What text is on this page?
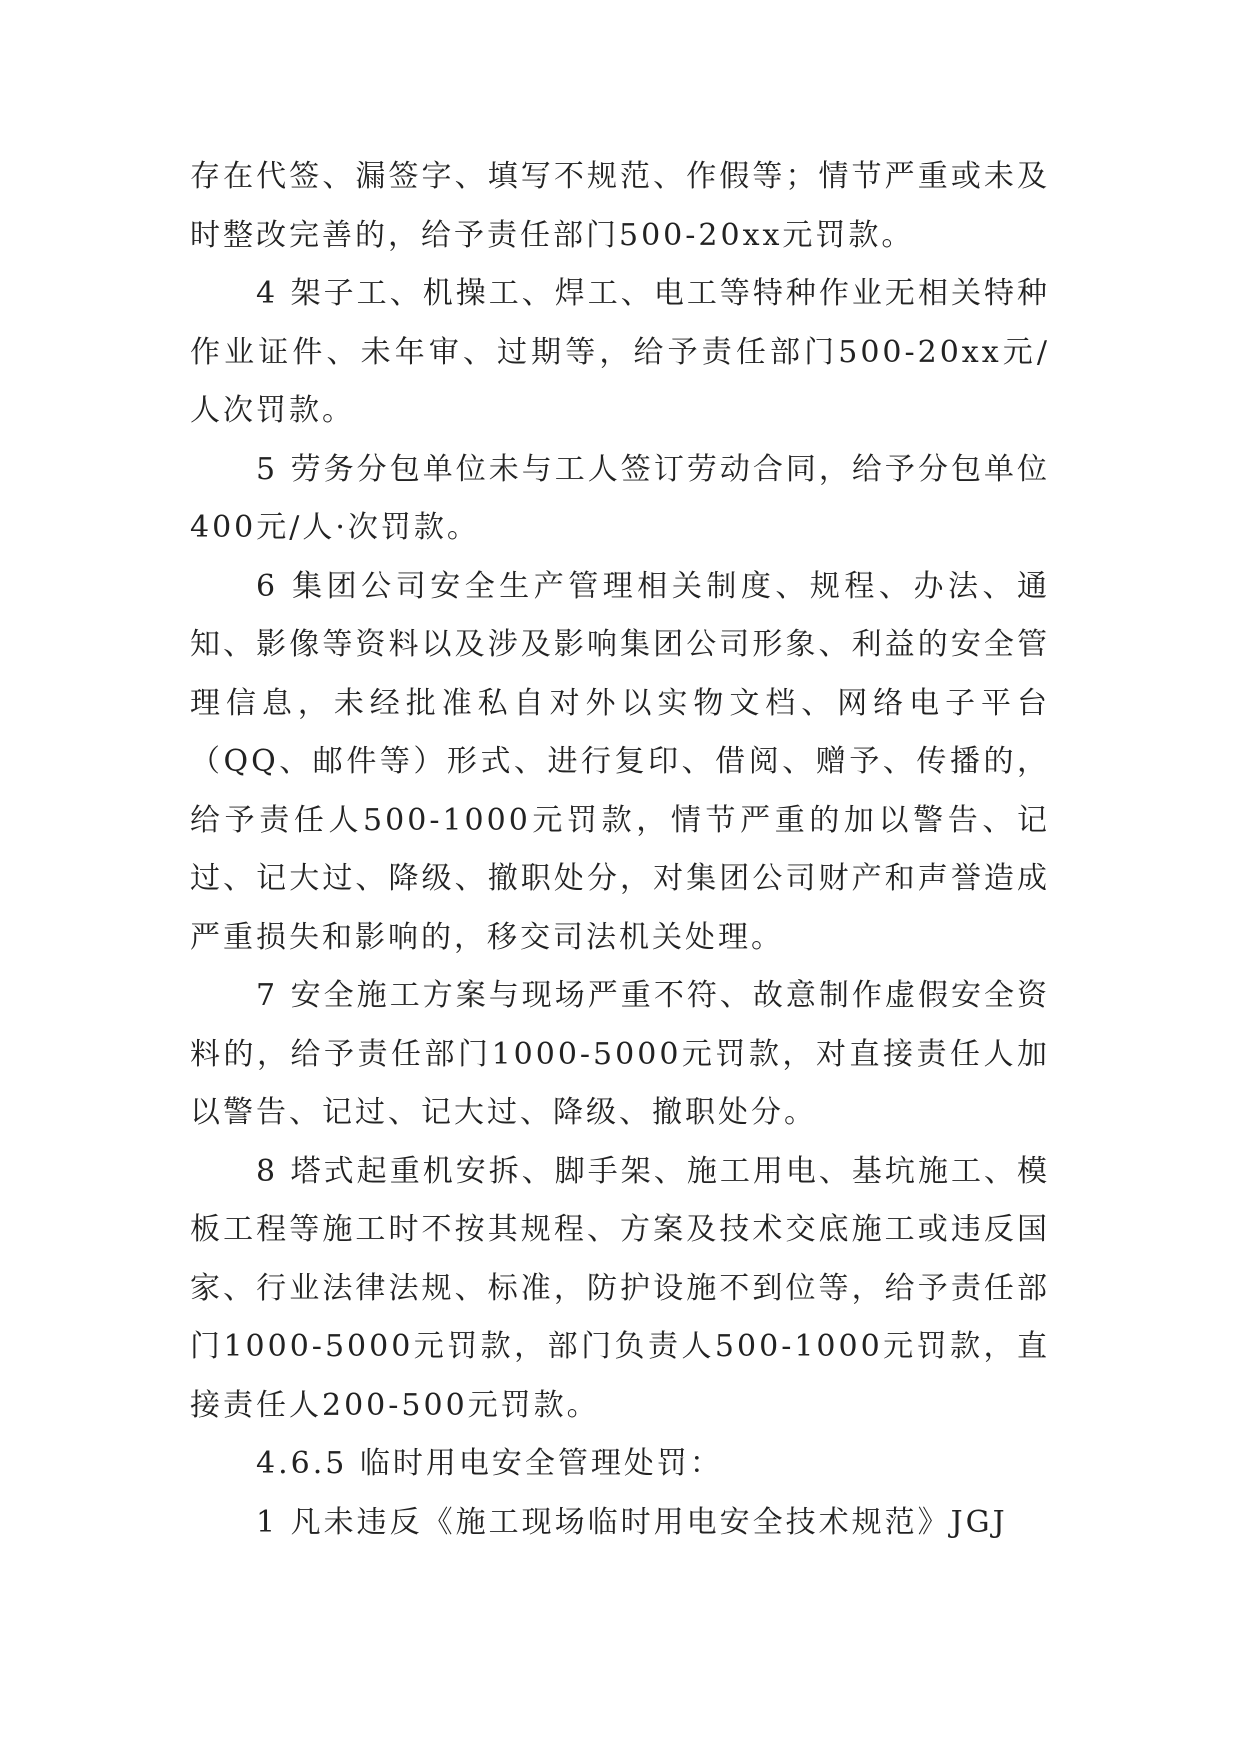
存在代签、漏签字、填写不规范、作假等；情节严重或未及时整改完善的，给予责任部门500-20xx元罚款。

4 架子工、机操工、焊工、电工等特种作业无相关特种作业证件、未年审、过期等，给予责任部门500-20xx元/人次罚款。

5 劳务分包单位未与工人签订劳动合同，给予分包单位400元/人·次罚款。

6 集团公司安全生产管理相关制度、规程、办法、通知、影像等资料以及涉及影响集团公司形象、利益的安全管理信息，未经批准私自对外以实物文档、网络电子平台（QQ、邮件等）形式、进行复印、借阅、赠予、传播的，给予责任人500-1000元罚款，情节严重的加以警告、记过、记大过、降级、撤职处分，对集团公司财产和声誉造成严重损失和影响的，移交司法机关处理。

7 安全施工方案与现场严重不符、故意制作虚假安全资料的，给予责任部门1000-5000元罚款，对直接责任人加以警告、记过、记大过、降级、撤职处分。

8 塔式起重机安拆、脚手架、施工用电、基坑施工、模板工程等施工时不按其规程、方案及技术交底施工或违反国家、行业法律法规、标准，防护设施不到位等，给予责任部门1000-5000元罚款，部门负责人500-1000元罚款，直接责任人200-500元罚款。

4.6.5 临时用电安全管理处罚：

1 凡未违反《施工现场临时用电安全技术规范》JGJ
